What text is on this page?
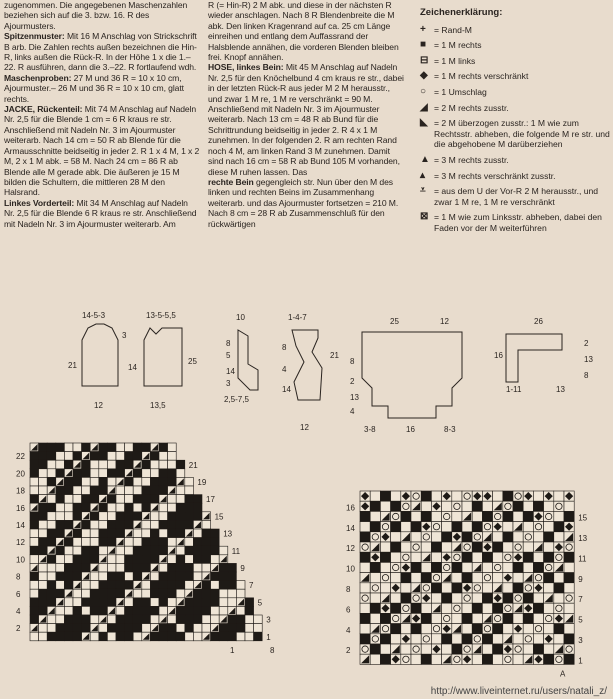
zugenommen. Die angegebenen Maschenzahlen beziehen sich auf die 3. bzw. 16. R des Ajourmusters.

Spitzenmuster: Mit 16 M Anschlag von Strickschrift B arb. Die Zahlen rechts außen bezeichnen die Hin-R, links außen die Rück-R. In der Höhe 1 x die 1.–22. R ausführen, dann die 3.–22. R fortlaufend wdh.

Maschenproben: 27 M und 36 R = 10 x 10 cm, Ajourmuster.– 26 M und 36 R = 10 x 10 cm, glatt rechts.

JACKE, Rückenteil: Mit 74 M Anschlag auf Nadeln Nr. 2,5 für die Blende 1 cm = 6 R kraus re str. Anschließend mit Nadeln Nr. 3 im Ajourmuster weiterarb. Nach 14 cm = 50 R ab Blende für die Armausschnitte beidseitig in jeder 2. R 1 x 4 M, 1 x 2 M, 2 x 1 M abk. = 58 M. Nach 24 cm = 86 R ab Blende alle M gerade abk. Die äußeren je 15 M bilden die Schultern, die mittleren 28 M den Halsrand.

Linkes Vorderteil: Mit 34 M Anschlag auf Nadeln Nr. 2,5 für die Blende 6 R kraus re str. Anschließend mit Nadeln Nr. 3 im Ajourmuster weiterarb. Am

R (= Hin-R) 2 M abk. und diese in der nächsten R wieder anschlagen. Nach 8 R Blendenbreite die M abk. Den linken Kragenrand auf ca. 25 cm Länge einreihen und entlang dem Auffassrand der Halsblende annähen, die vorderen Blenden bleiben frei. Knopf annähen.

HOSE, linkes Bein: Mit 45 M Anschlag auf Nadeln Nr. 2,5 für den Knöchelbund 4 cm kraus re str., dabei in der letzten Rück-R aus jeder M 2 M herausstr., und zwar 1 M re, 1 M re verschränkt = 90 M. Anschließend mit Nadeln Nr. 3 im Ajourmuster weiterarb. Nach 13 cm = 48 R ab Bund für die Schrittrundung beidseitig in jeder 2. R 4 x 1 M zunehmen. In der folgenden 2. R am rechten Rand noch 4 M, am linken Rand 3 M zunehmen. Damit sind nach 16 cm = 58 R ab Bund 105 M vorhanden, diese M ruhen lassen. Das

rechte Bein gegengleich str. Nun über den M des linken und rechten Beins im Zusammenhang weiterarb. und das Ajourmuster fortsetzen = 210 M. Nach 8 cm = 28 R ab Zusammenschluß für den rückwärtigen

Zeichenerklärung:
+ = Rand-M
■ = 1 M rechts
⊟ = 1 M links
◆ = 1 M rechts verschränkt
○ = 1 Umschlag
◢ = 2 M rechts zusstr.
◣ = 2 M überzogen zusstr.: 1 M wie zum Rechtsstr. abheben, die folgende M re str. und die abgehobene M darüberziehen
▲ = 3 M rechts zusstr.
▴	= 3 M rechts verschränkt zusstr.
⩡ = aus dem U der Vor-R 2 M herausstr., und zwar 1 M re, 1 M re verschränkt
⊠ = 1 M wie zum Linksstr. abheben, dabei den Faden vor der M weiterführen
14-5-3
12
21
3
13-5-5,5
13,5
25
14
10
8
5
14
3
2,5-7,5
1-4-7
8
21
4
14
12
25	12
8
2
13
4
3-8	16	8-3
26
16
2
13
8
1-11	13
22
20
18
16
14
12
10
8
6
4
2
21
19
17
15
13
11
9
7
5
3
1
1	8
16
14
12
10
8
6
4
2
15
13
11
9
7
5
3
1
A
http://www.liveinternet.ru/users/natali_z/
